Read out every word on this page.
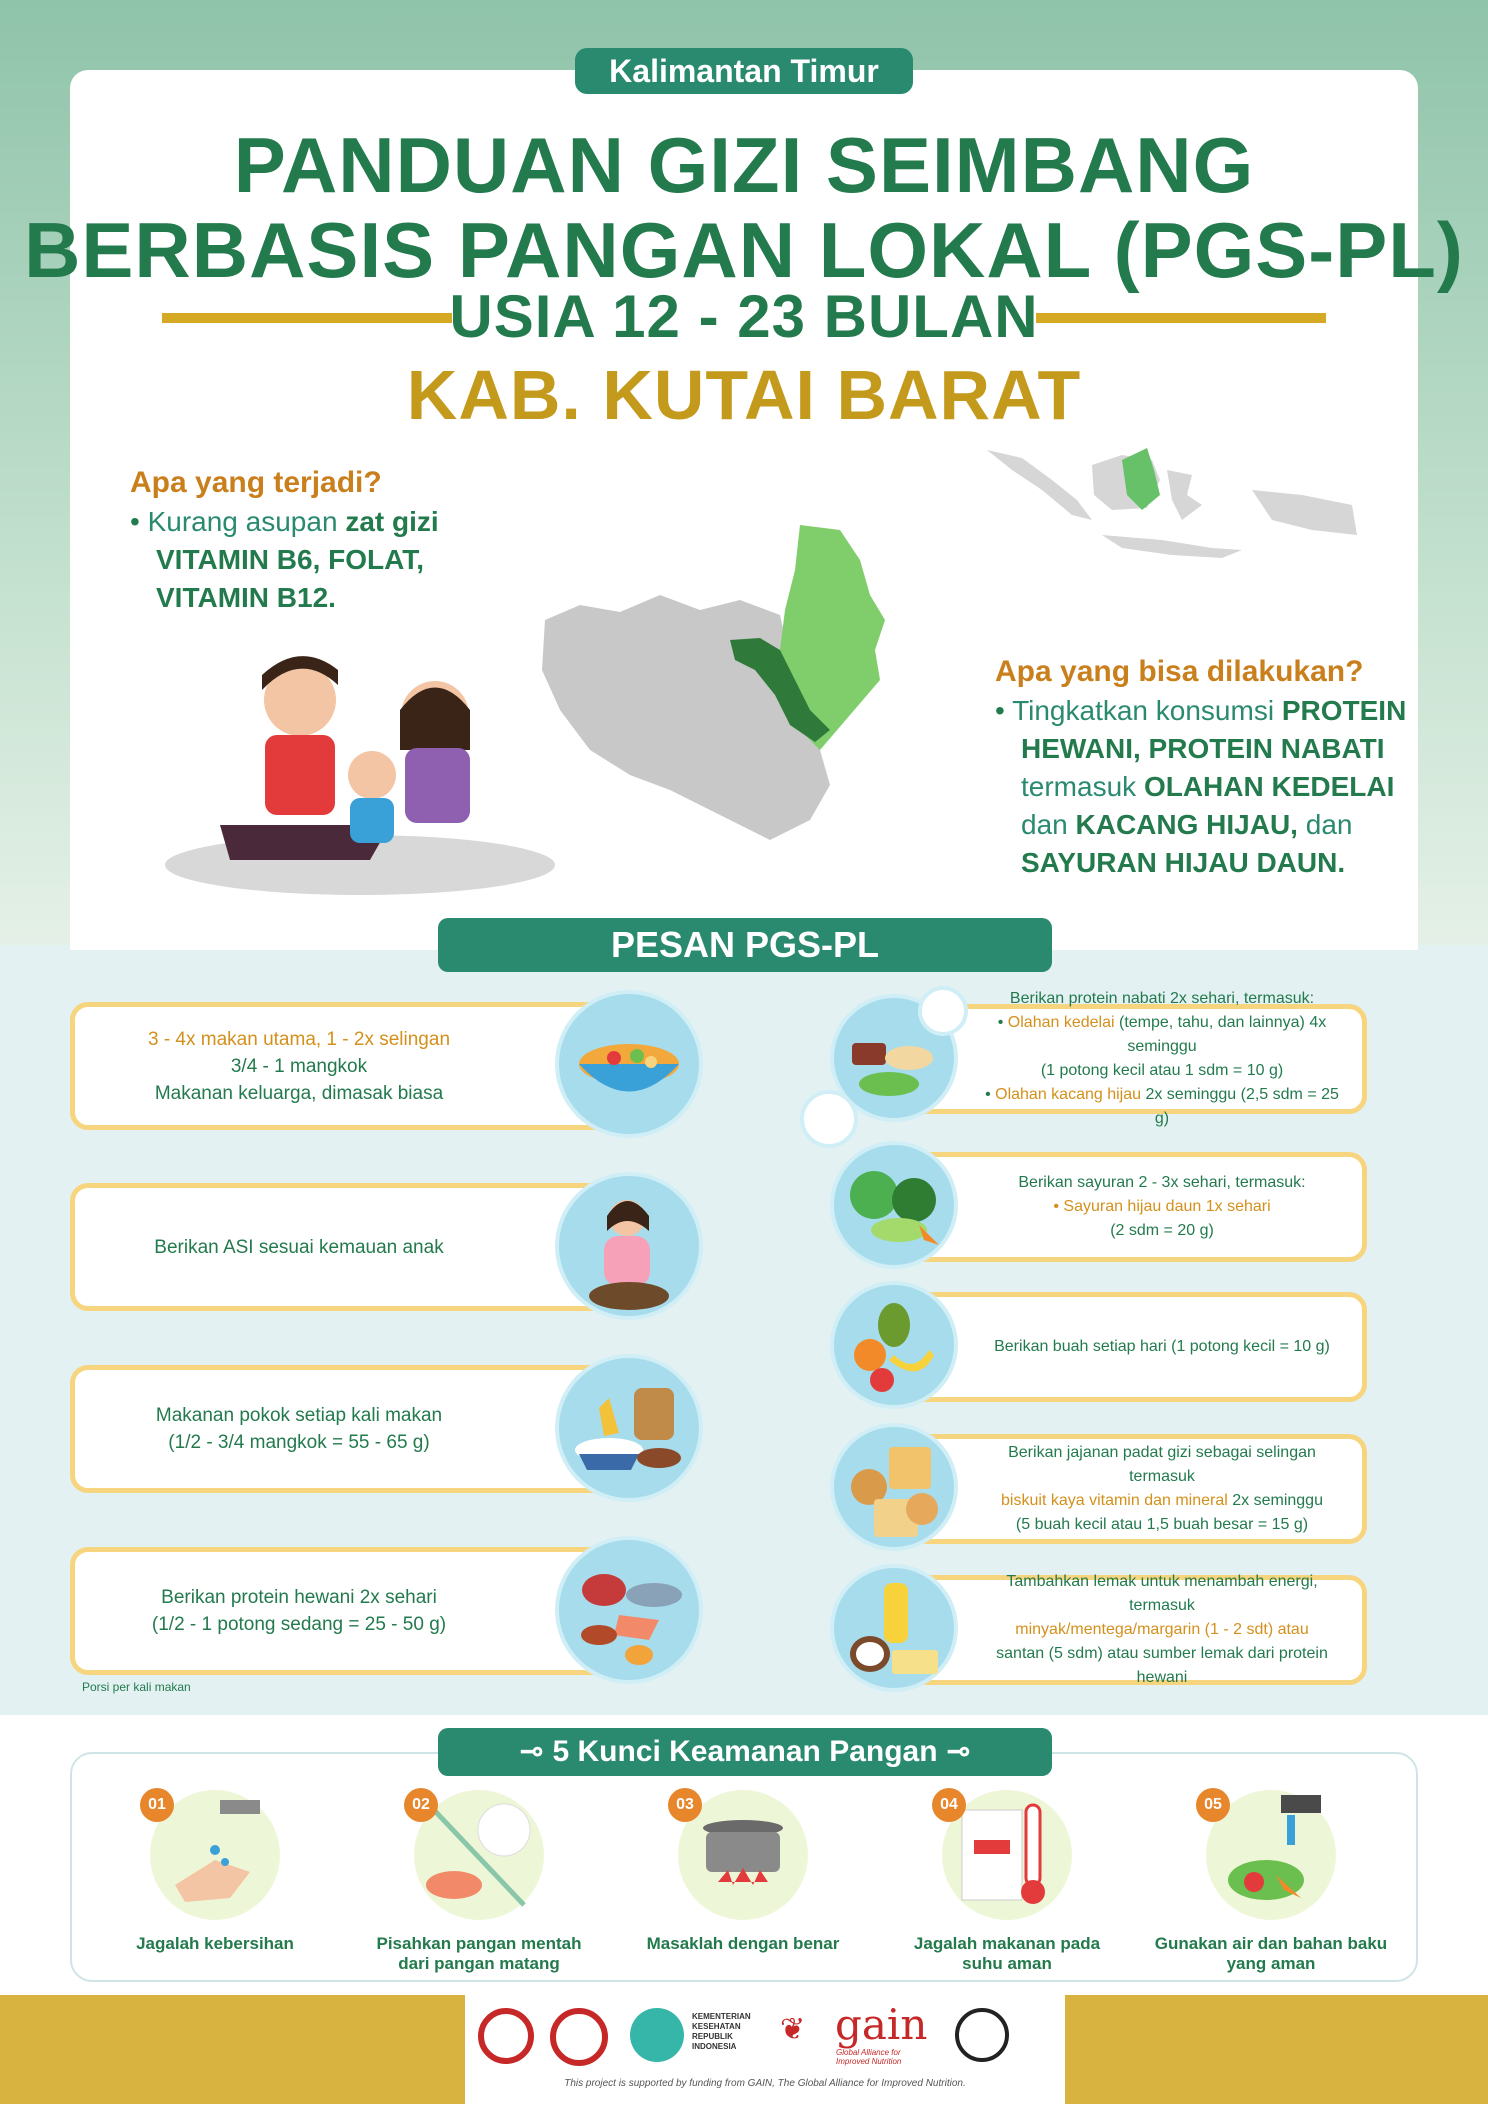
Kalimantan Timur
PANDUAN GIZI SEIMBANG
BERBASIS PANGAN LOKAL (PGS-PL)
USIA 12 - 23 BULAN
KAB. KUTAI BARAT
Apa yang terjadi?
• Kurang asupan zat gizi
VITAMIN B6, FOLAT,
VITAMIN B12.
Apa yang bisa dilakukan?
• Tingkatkan konsumsi PROTEIN
HEWANI, PROTEIN NABATI
termasuk OLAHAN KEDELAI
dan KACANG HIJAU, dan
SAYURAN HIJAU DAUN.
PESAN PGS-PL
3 - 4x makan utama, 1 - 2x selingan
3/4 - 1 mangkok
Makanan keluarga, dimasak biasa
Berikan ASI sesuai kemauan anak
Makanan pokok setiap kali makan
(1/2 - 3/4 mangkok = 55 - 65 g)
Berikan protein hewani 2x sehari
(1/2 - 1 potong sedang = 25 - 50 g)
Berikan protein nabati 2x sehari, termasuk:
• Olahan kedelai (tempe, tahu, dan lainnya) 4x seminggu
(1 potong kecil atau 1 sdm = 10 g)
• Olahan kacang hijau 2x seminggu (2,5 sdm = 25 g)
Berikan sayuran 2 - 3x sehari, termasuk:
• Sayuran hijau daun 1x sehari
(2 sdm = 20 g)
Berikan buah setiap hari (1 potong kecil = 10 g)
Berikan jajanan padat gizi sebagai selingan termasuk
biskuit kaya vitamin dan mineral 2x seminggu
(5 buah kecil atau 1,5 buah besar = 15 g)
Tambahkan lemak untuk menambah energi, termasuk
minyak/mentega/margarin (1 - 2 sdt) atau
santan (5 sdm) atau sumber lemak dari protein hewani
Porsi per kali makan
⊸ 5 Kunci Keamanan Pangan ⊸
01
Jagalah kebersihan

02
Pisahkan pangan mentah
dari pangan matang
03
Masaklah dengan benar

04
Jagalah makanan pada
suhu aman
05
Gunakan air dan bahan baku
yang aman
KEMENTERIAN
KESEHATAN
REPUBLIK
INDONESIA
❦ gain
Global Alliance for
Improved Nutrition
This project is supported by funding from GAIN, The Global Alliance for Improved Nutrition.
